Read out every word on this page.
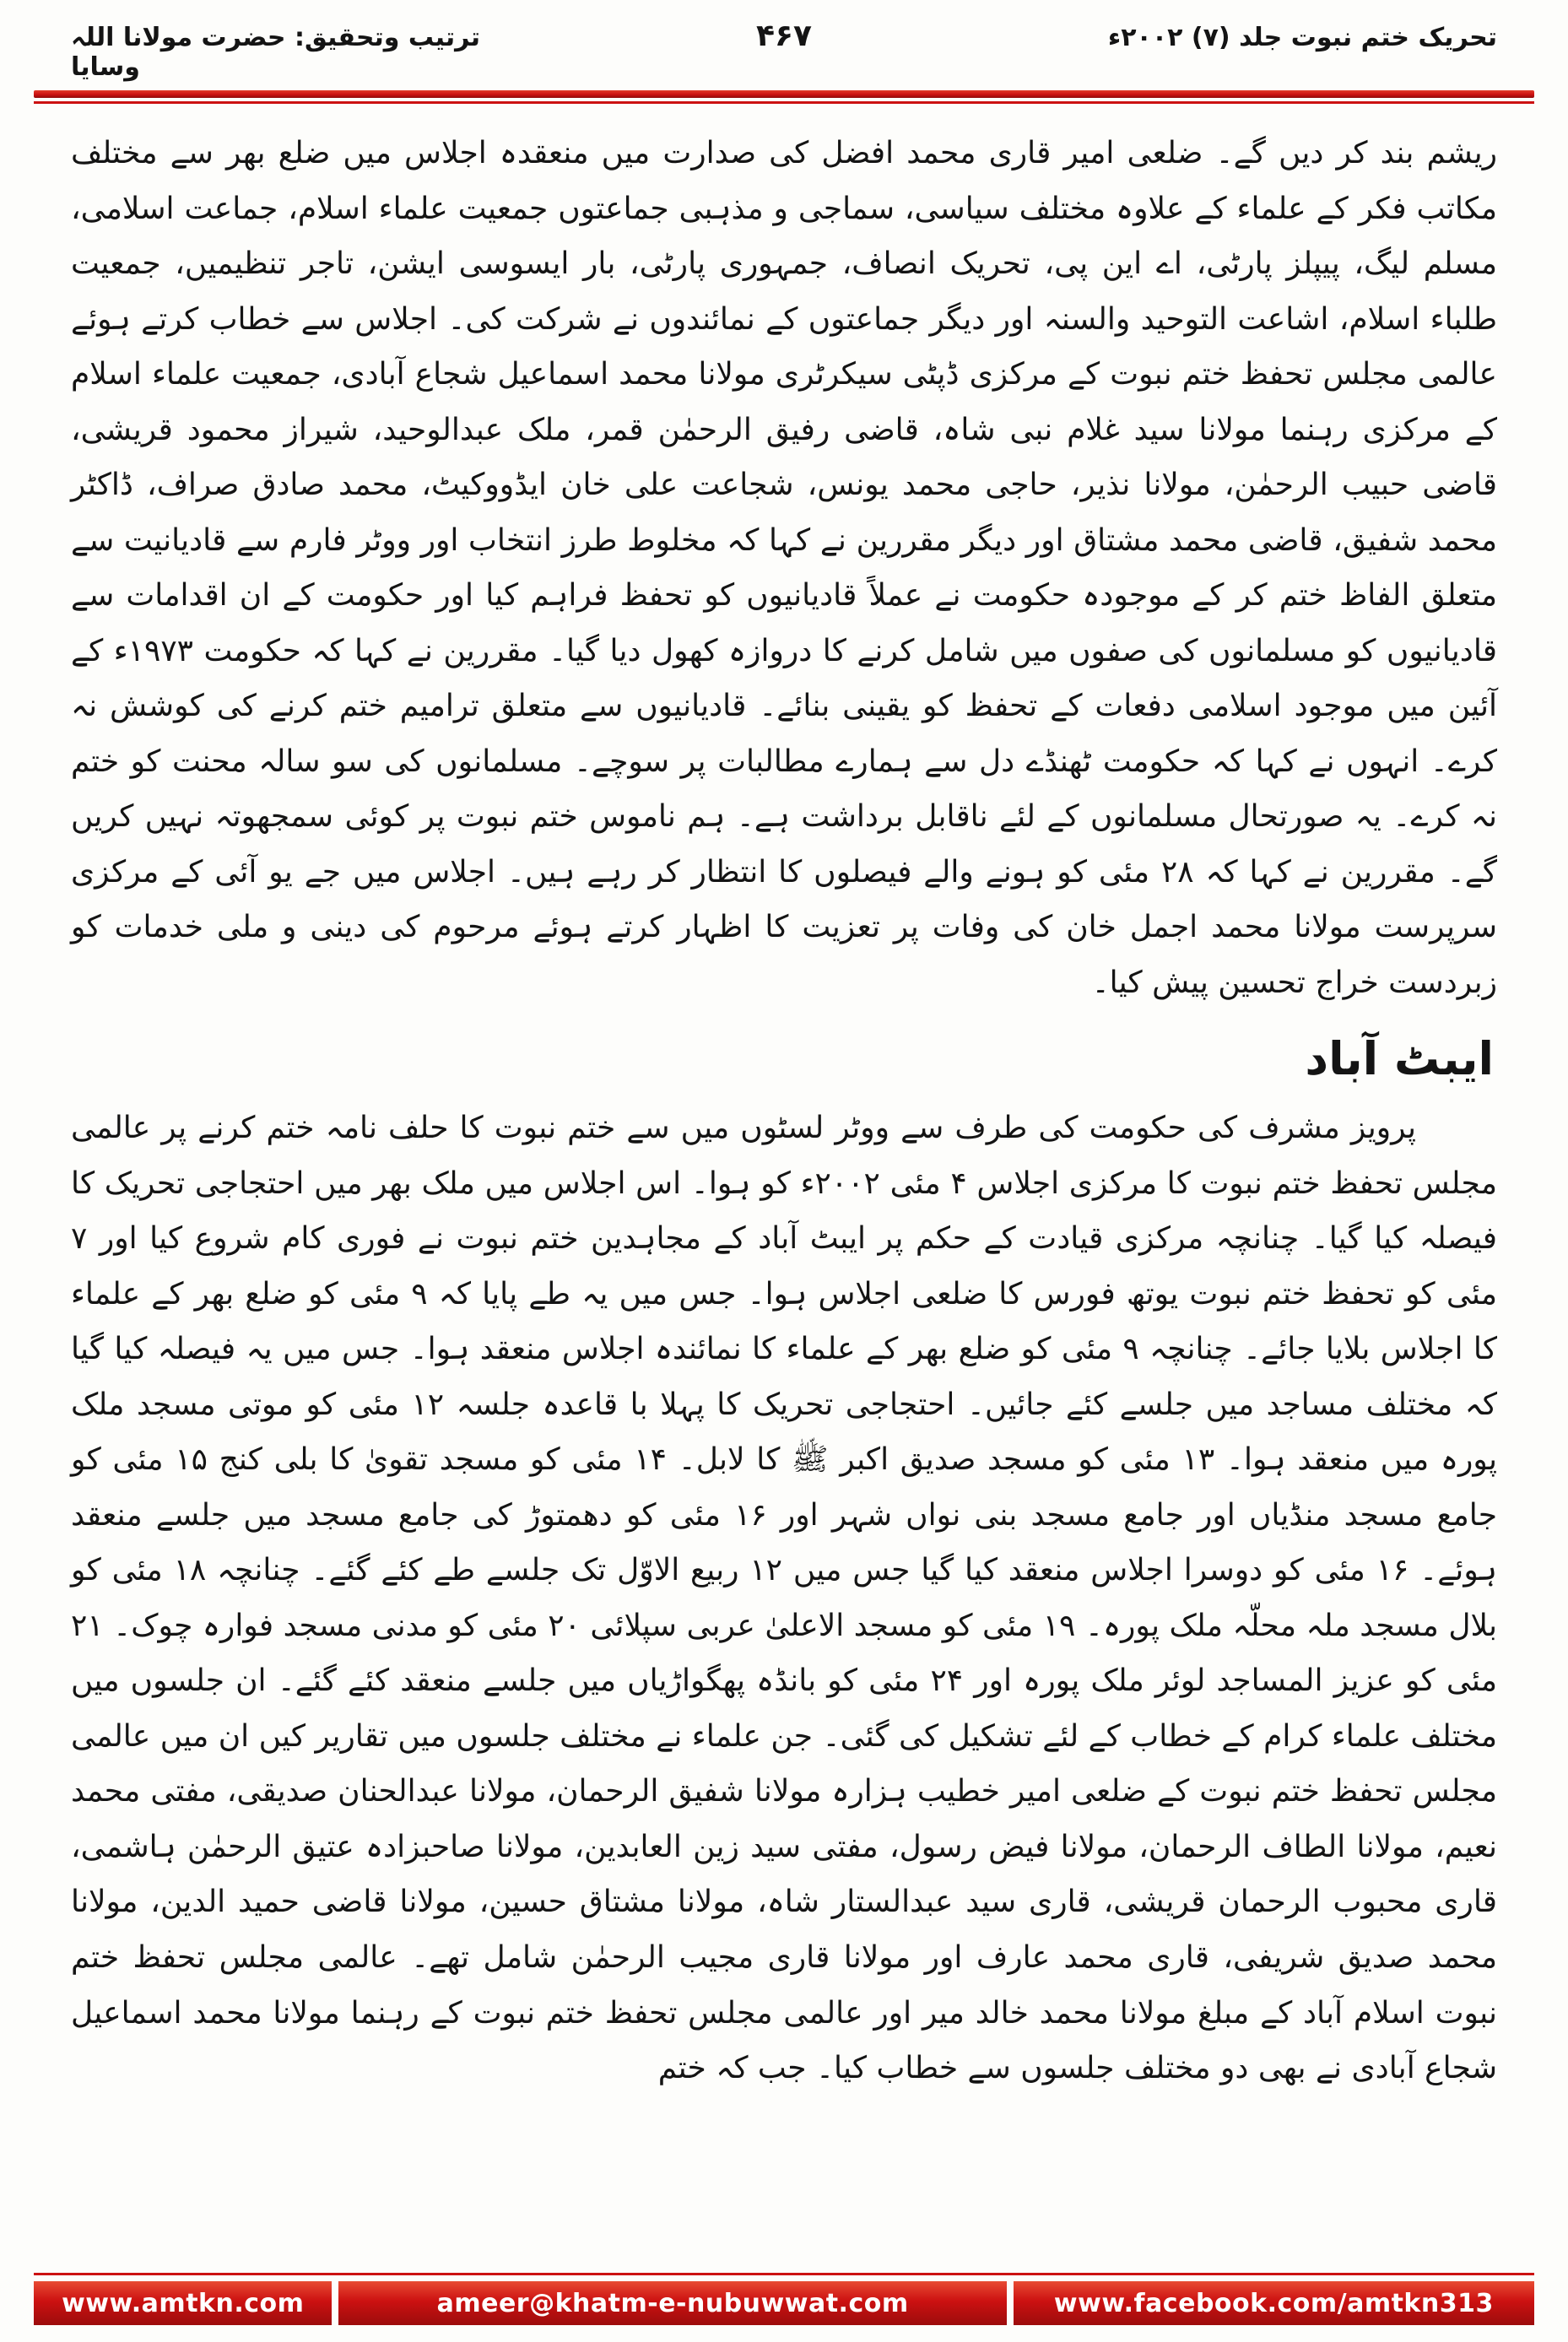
تحریک ختم نبوت جلد (۷) ۲۰۰۲ء
۴۶۷
ترتیب وتحقیق: حضرت مولانا اللہ وسایا

ریشم بند کر دیں گے۔ ضلعی امیر قاری محمد افضل کی صدارت میں منعقدہ اجلاس میں ضلع بھر سے مختلف مکاتب فکر کے علماء کے علاوہ مختلف سیاسی، سماجی و مذہبی جماعتوں جمعیت علماء اسلام، جماعت اسلامی، مسلم لیگ، پیپلز پارٹی، اے این پی، تحریک انصاف، جمہوری پارٹی، بار ایسوسی ایشن، تاجر تنظیمیں، جمعیت طلباء اسلام، اشاعت التوحید والسنہ اور دیگر جماعتوں کے نمائندوں نے شرکت کی۔ اجلاس سے خطاب کرتے ہوئے عالمی مجلس تحفظ ختم نبوت کے مرکزی ڈپٹی سیکرٹری مولانا محمد اسماعیل شجاع آبادی، جمعیت علماء اسلام کے مرکزی رہنما مولانا سید غلام نبی شاہ، قاضی رفیق الرحمٰن قمر، ملک عبدالوحید، شیراز محمود قریشی، قاضی حبیب الرحمٰن، مولانا نذیر، حاجی محمد یونس، شجاعت علی خان ایڈووکیٹ، محمد صادق صراف، ڈاکٹر محمد شفیق، قاضی محمد مشتاق اور دیگر مقررین نے کہا کہ مخلوط طرز انتخاب اور ووٹر فارم سے قادیانیت سے متعلق الفاظ ختم کر کے موجودہ حکومت نے عملاً قادیانیوں کو تحفظ فراہم کیا اور حکومت کے ان اقدامات سے قادیانیوں کو مسلمانوں کی صفوں میں شامل کرنے کا دروازہ کھول دیا گیا۔ مقررین نے کہا کہ حکومت ۱۹۷۳ء کے آئین میں موجود اسلامی دفعات کے تحفظ کو یقینی بنائے۔ قادیانیوں سے متعلق ترامیم ختم کرنے کی کوشش نہ کرے۔ انہوں نے کہا کہ حکومت ٹھنڈے دل سے ہمارے مطالبات پر سوچے۔ مسلمانوں کی سو سالہ محنت کو ختم نہ کرے۔ یہ صورتحال مسلمانوں کے لئے ناقابل برداشت ہے۔ ہم ناموس ختم نبوت پر کوئی سمجھوتہ نہیں کریں گے۔ مقررین نے کہا کہ ۲۸ مئی کو ہونے والے فیصلوں کا انتظار کر رہے ہیں۔ اجلاس میں جے یو آئی کے مرکزی سرپرست مولانا محمد اجمل خان کی وفات پر تعزیت کا اظہار کرتے ہوئے مرحوم کی دینی و ملی خدمات کو زبردست خراج تحسین پیش کیا۔

ایبٹ آباد

پرویز مشرف کی حکومت کی طرف سے ووٹر لسٹوں میں سے ختم نبوت کا حلف نامہ ختم کرنے پر عالمی مجلس تحفظ ختم نبوت کا مرکزی اجلاس ۴ مئی ۲۰۰۲ء کو ہوا۔ اس اجلاس میں ملک بھر میں احتجاجی تحریک کا فیصلہ کیا گیا۔ چنانچہ مرکزی قیادت کے حکم پر ایبٹ آباد کے مجاہدین ختم نبوت نے فوری کام شروع کیا اور ۷ مئی کو تحفظ ختم نبوت یوتھ فورس کا ضلعی اجلاس ہوا۔ جس میں یہ طے پایا کہ ۹ مئی کو ضلع بھر کے علماء کا اجلاس بلایا جائے۔ چنانچہ ۹ مئی کو ضلع بھر کے علماء کا نمائندہ اجلاس منعقد ہوا۔ جس میں یہ فیصلہ کیا گیا کہ مختلف مساجد میں جلسے کئے جائیں۔ احتجاجی تحریک کا پہلا با قاعدہ جلسہ ۱۲ مئی کو موتی مسجد ملک پورہ میں منعقد ہوا۔ ۱۳ مئی کو مسجد صدیق اکبر ﷺ کا لابل۔ ۱۴ مئی کو مسجد تقویٰ کا بلی کنج ۱۵ مئی کو جامع مسجد منڈیاں اور جامع مسجد بنی نواں شہر اور ۱۶ مئی کو دھمتوڑ کی جامع مسجد میں جلسے منعقد ہوئے۔ ۱۶ مئی کو دوسرا اجلاس منعقد کیا گیا جس میں ۱۲ ربیع الاوّل تک جلسے طے کئے گئے۔ چنانچہ ۱۸ مئی کو بلال مسجد ملہ محلّہ ملک پورہ۔ ۱۹ مئی کو مسجد الاعلیٰ عربی سپلائی ۲۰ مئی کو مدنی مسجد فوارہ چوک۔ ۲۱ مئی کو عزیز المساجد لوئر ملک پورہ اور ۲۴ مئی کو بانڈہ پھگواڑیاں میں جلسے منعقد کئے گئے۔ ان جلسوں میں مختلف علماء کرام کے خطاب کے لئے تشکیل کی گئی۔ جن علماء نے مختلف جلسوں میں تقاریر کیں ان میں عالمی مجلس تحفظ ختم نبوت کے ضلعی امیر خطیب ہزارہ مولانا شفیق الرحمان، مولانا عبدالحنان صدیقی، مفتی محمد نعیم، مولانا الطاف الرحمان، مولانا فیض رسول، مفتی سید زین العابدین، مولانا صاحبزادہ عتیق الرحمٰن ہاشمی، قاری محبوب الرحمان قریشی، قاری سید عبدالستار شاہ، مولانا مشتاق حسین، مولانا قاضی حمید الدین، مولانا محمد صدیق شریفی، قاری محمد عارف اور مولانا قاری مجیب الرحمٰن شامل تھے۔ عالمی مجلس تحفظ ختم نبوت اسلام آباد کے مبلغ مولانا محمد خالد میر اور عالمی مجلس تحفظ ختم نبوت کے رہنما مولانا محمد اسماعیل شجاع آبادی نے بھی دو مختلف جلسوں سے خطاب کیا۔ جب کہ ختم

www.amtkn.com	ameer@khatm-e-nubuwwat.com	www.facebook.com/amtkn313
